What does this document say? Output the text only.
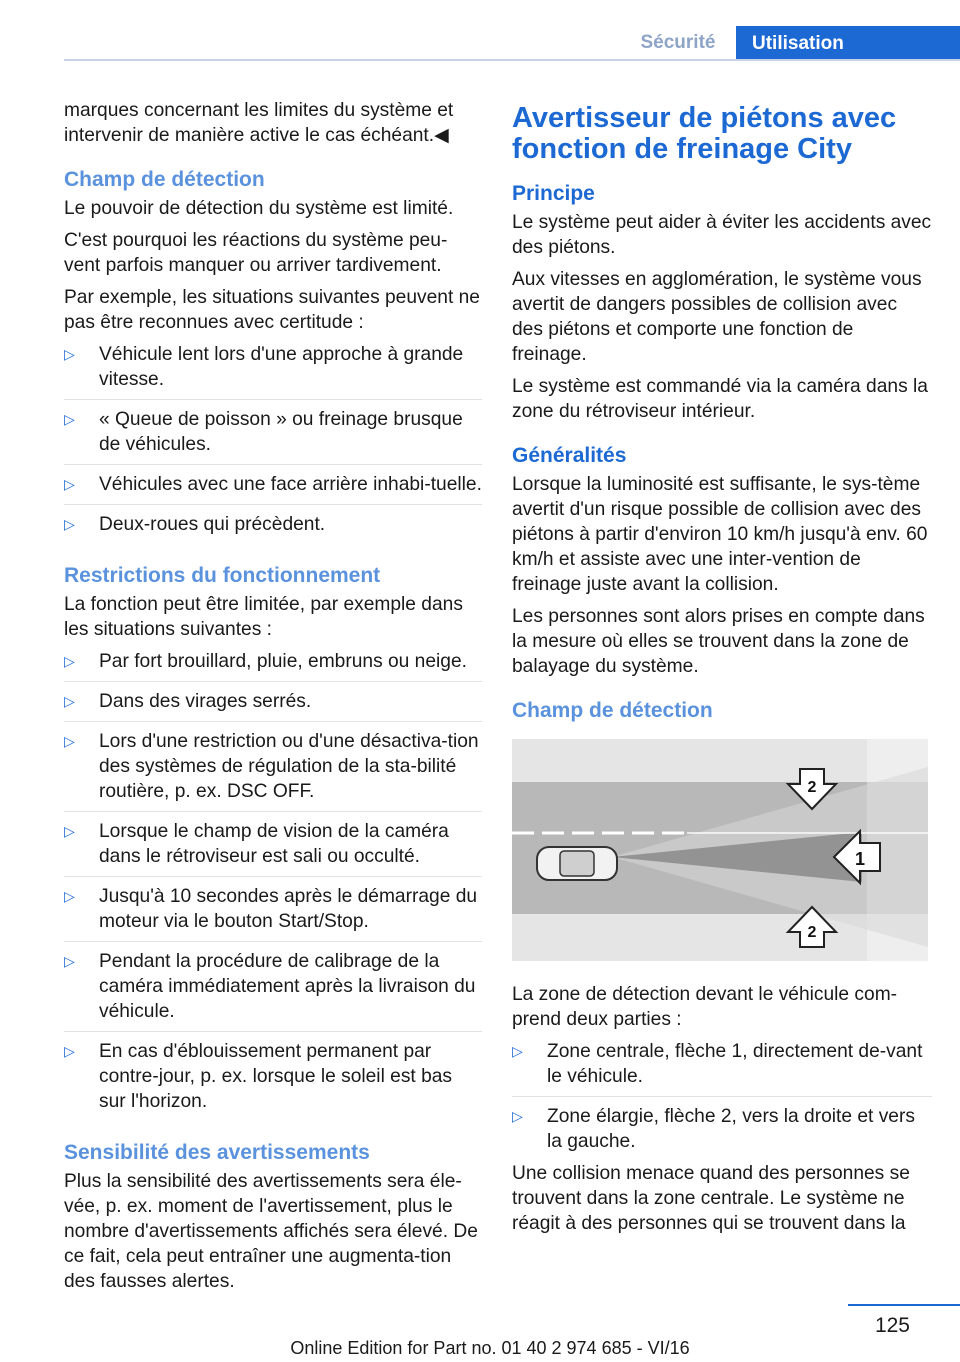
Sécurité	Utilisation

marques concernant les limites du système et intervenir de manière active le cas échéant.◀

Champ de détection

Le pouvoir de détection du système est limité.

C'est pourquoi les réactions du système peu-vent parfois manquer ou arriver tardivement.

Par exemple, les situations suivantes peuvent ne pas être reconnues avec certitude :

▷ Véhicule lent lors d'une approche à grande vitesse.
▷ « Queue de poisson » ou freinage brusque de véhicules.
▷ Véhicules avec une face arrière inhabi-tuelle.
▷ Deux-roues qui précèdent.
Restrictions du fonctionnement

La fonction peut être limitée, par exemple dans les situations suivantes :

▷ Par fort brouillard, pluie, embruns ou neige.
▷ Dans des virages serrés.
▷ Lors d'une restriction ou d'une désactiva-tion des systèmes de régulation de la sta-bilité routière, p. ex. DSC OFF.
▷ Lorsque le champ de vision de la caméra dans le rétroviseur est sali ou occulté.
▷ Jusqu'à 10 secondes après le démarrage du moteur via le bouton Start/Stop.
▷ Pendant la procédure de calibrage de la caméra immédiatement après la livraison du véhicule.
▷ En cas d'éblouissement permanent par contre-jour, p. ex. lorsque le soleil est bas sur l'horizon.
Sensibilité des avertissements

Plus la sensibilité des avertissements sera éle-vée, p. ex. moment de l'avertissement, plus le nombre d'avertissements affichés sera élevé. De ce fait, cela peut entraîner une augmenta-tion des fausses alertes.

Avertisseur de piétons avec fonction de freinage City
Principe

Le système peut aider à éviter les accidents avec des piétons.

Aux vitesses en agglomération, le système vous avertit de dangers possibles de collision avec des piétons et comporte une fonction de freinage.

Le système est commandé via la caméra dans la zone du rétroviseur intérieur.

Généralités

Lorsque la luminosité est suffisante, le sys-tème avertit d'un risque possible de collision avec des piétons à partir d'environ 10 km/h jusqu'à env. 60 km/h et assiste avec une inter-vention de freinage juste avant la collision.

Les personnes sont alors prises en compte dans la mesure où elles se trouvent dans la zone de balayage du système.

Champ de détection
1
2
2

La zone de détection devant le véhicule com-prend deux parties :

▷ Zone centrale, flèche 1, directement de-vant le véhicule.
▷ Zone élargie, flèche 2, vers la droite et vers la gauche.

Une collision menace quand des personnes se trouvent dans la zone centrale. Le système ne réagit à des personnes qui se trouvent dans la

125
Online Edition for Part no. 01 40 2 974 685 - VI/16
